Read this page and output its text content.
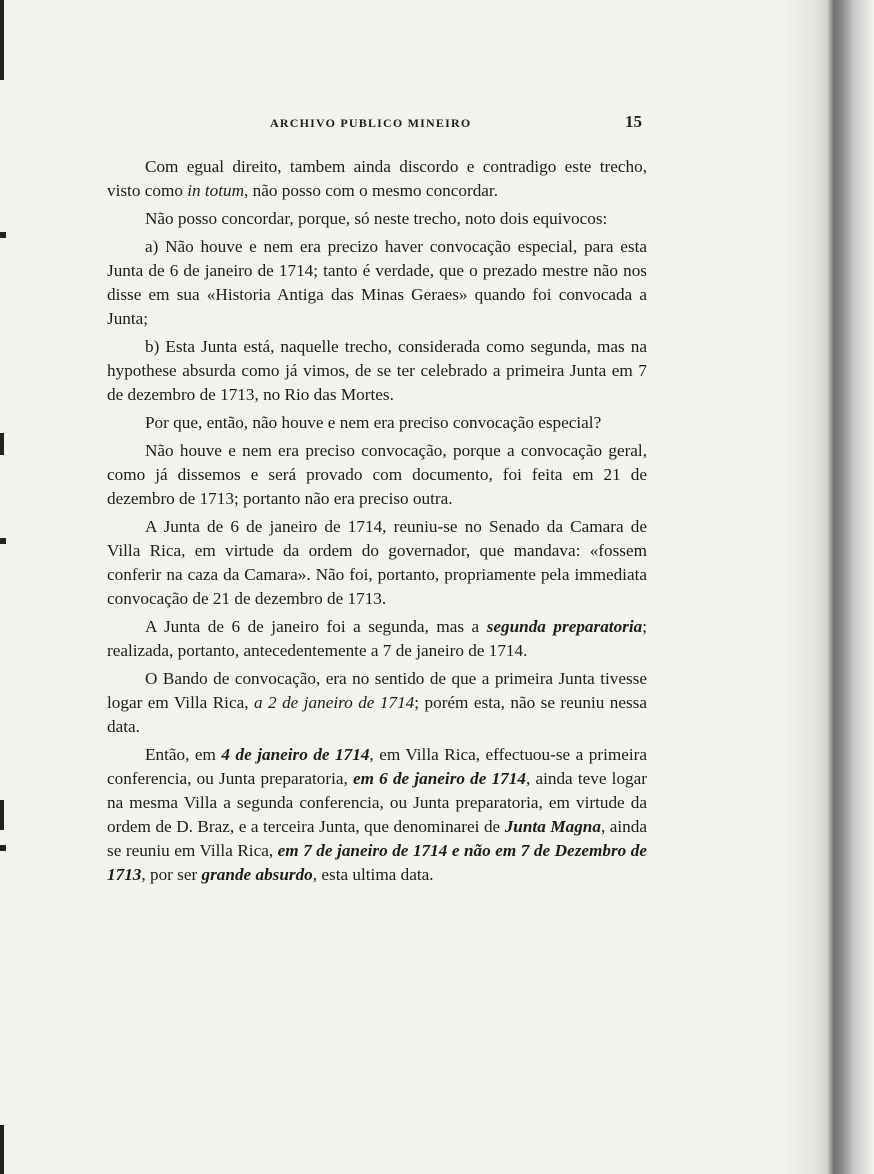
ARCHIVO PUBLICO MINEIRO	15

Com egual direito, tambem ainda discordo e contradigo este trecho, visto como in totum, não posso com o mesmo concordar.

Não posso concordar, porque, só neste trecho, noto dois equivocos:

a) Não houve e nem era precizo haver convocação especial, para esta Junta de 6 de janeiro de 1714; tanto é verdade, que o prezado mestre não nos disse em sua «Historia Antiga das Minas Geraes» quando foi convocada a Junta;

b) Esta Junta está, naquelle trecho, considerada como segunda, mas na hypothese absurda como já vimos, de se ter celebrado a primeira Junta em 7 de dezembro de 1713, no Rio das Mortes.

Por que, então, não houve e nem era preciso convocação especial?

Não houve e nem era preciso convocação, porque a convocação geral, como já dissemos e será provado com documento, foi feita em 21 de dezembro de 1713; portanto não era preciso outra.

A Junta de 6 de janeiro de 1714, reuniu-se no Senado da Camara de Villa Rica, em virtude da ordem do governador, que mandava: «fossem conferir na caza da Camara». Não foi, portanto, propriamente pela immediata convocação de 21 de dezembro de 1713.

A Junta de 6 de janeiro foi a segunda, mas a segunda preparatoria; realizada, portanto, antecedentemente a 7 de janeiro de 1714.

O Bando de convocação, era no sentido de que a primeira Junta tivesse logar em Villa Rica, a 2 de janeiro de 1714; porém esta, não se reuniu nessa data.

Então, em 4 de janeiro de 1714, em Villa Rica, effectuou-se a primeira conferencia, ou Junta preparatoria, em 6 de janeiro de 1714, ainda teve logar na mesma Villa a segunda conferencia, ou Junta preparatoria, em virtude da ordem de D. Braz, e a terceira Junta, que denominarei de Junta Magna, ainda se reuniu em Villa Rica, em 7 de janeiro de 1714 e não em 7 de Dezembro de 1713, por ser grande absurdo, esta ultima data.
